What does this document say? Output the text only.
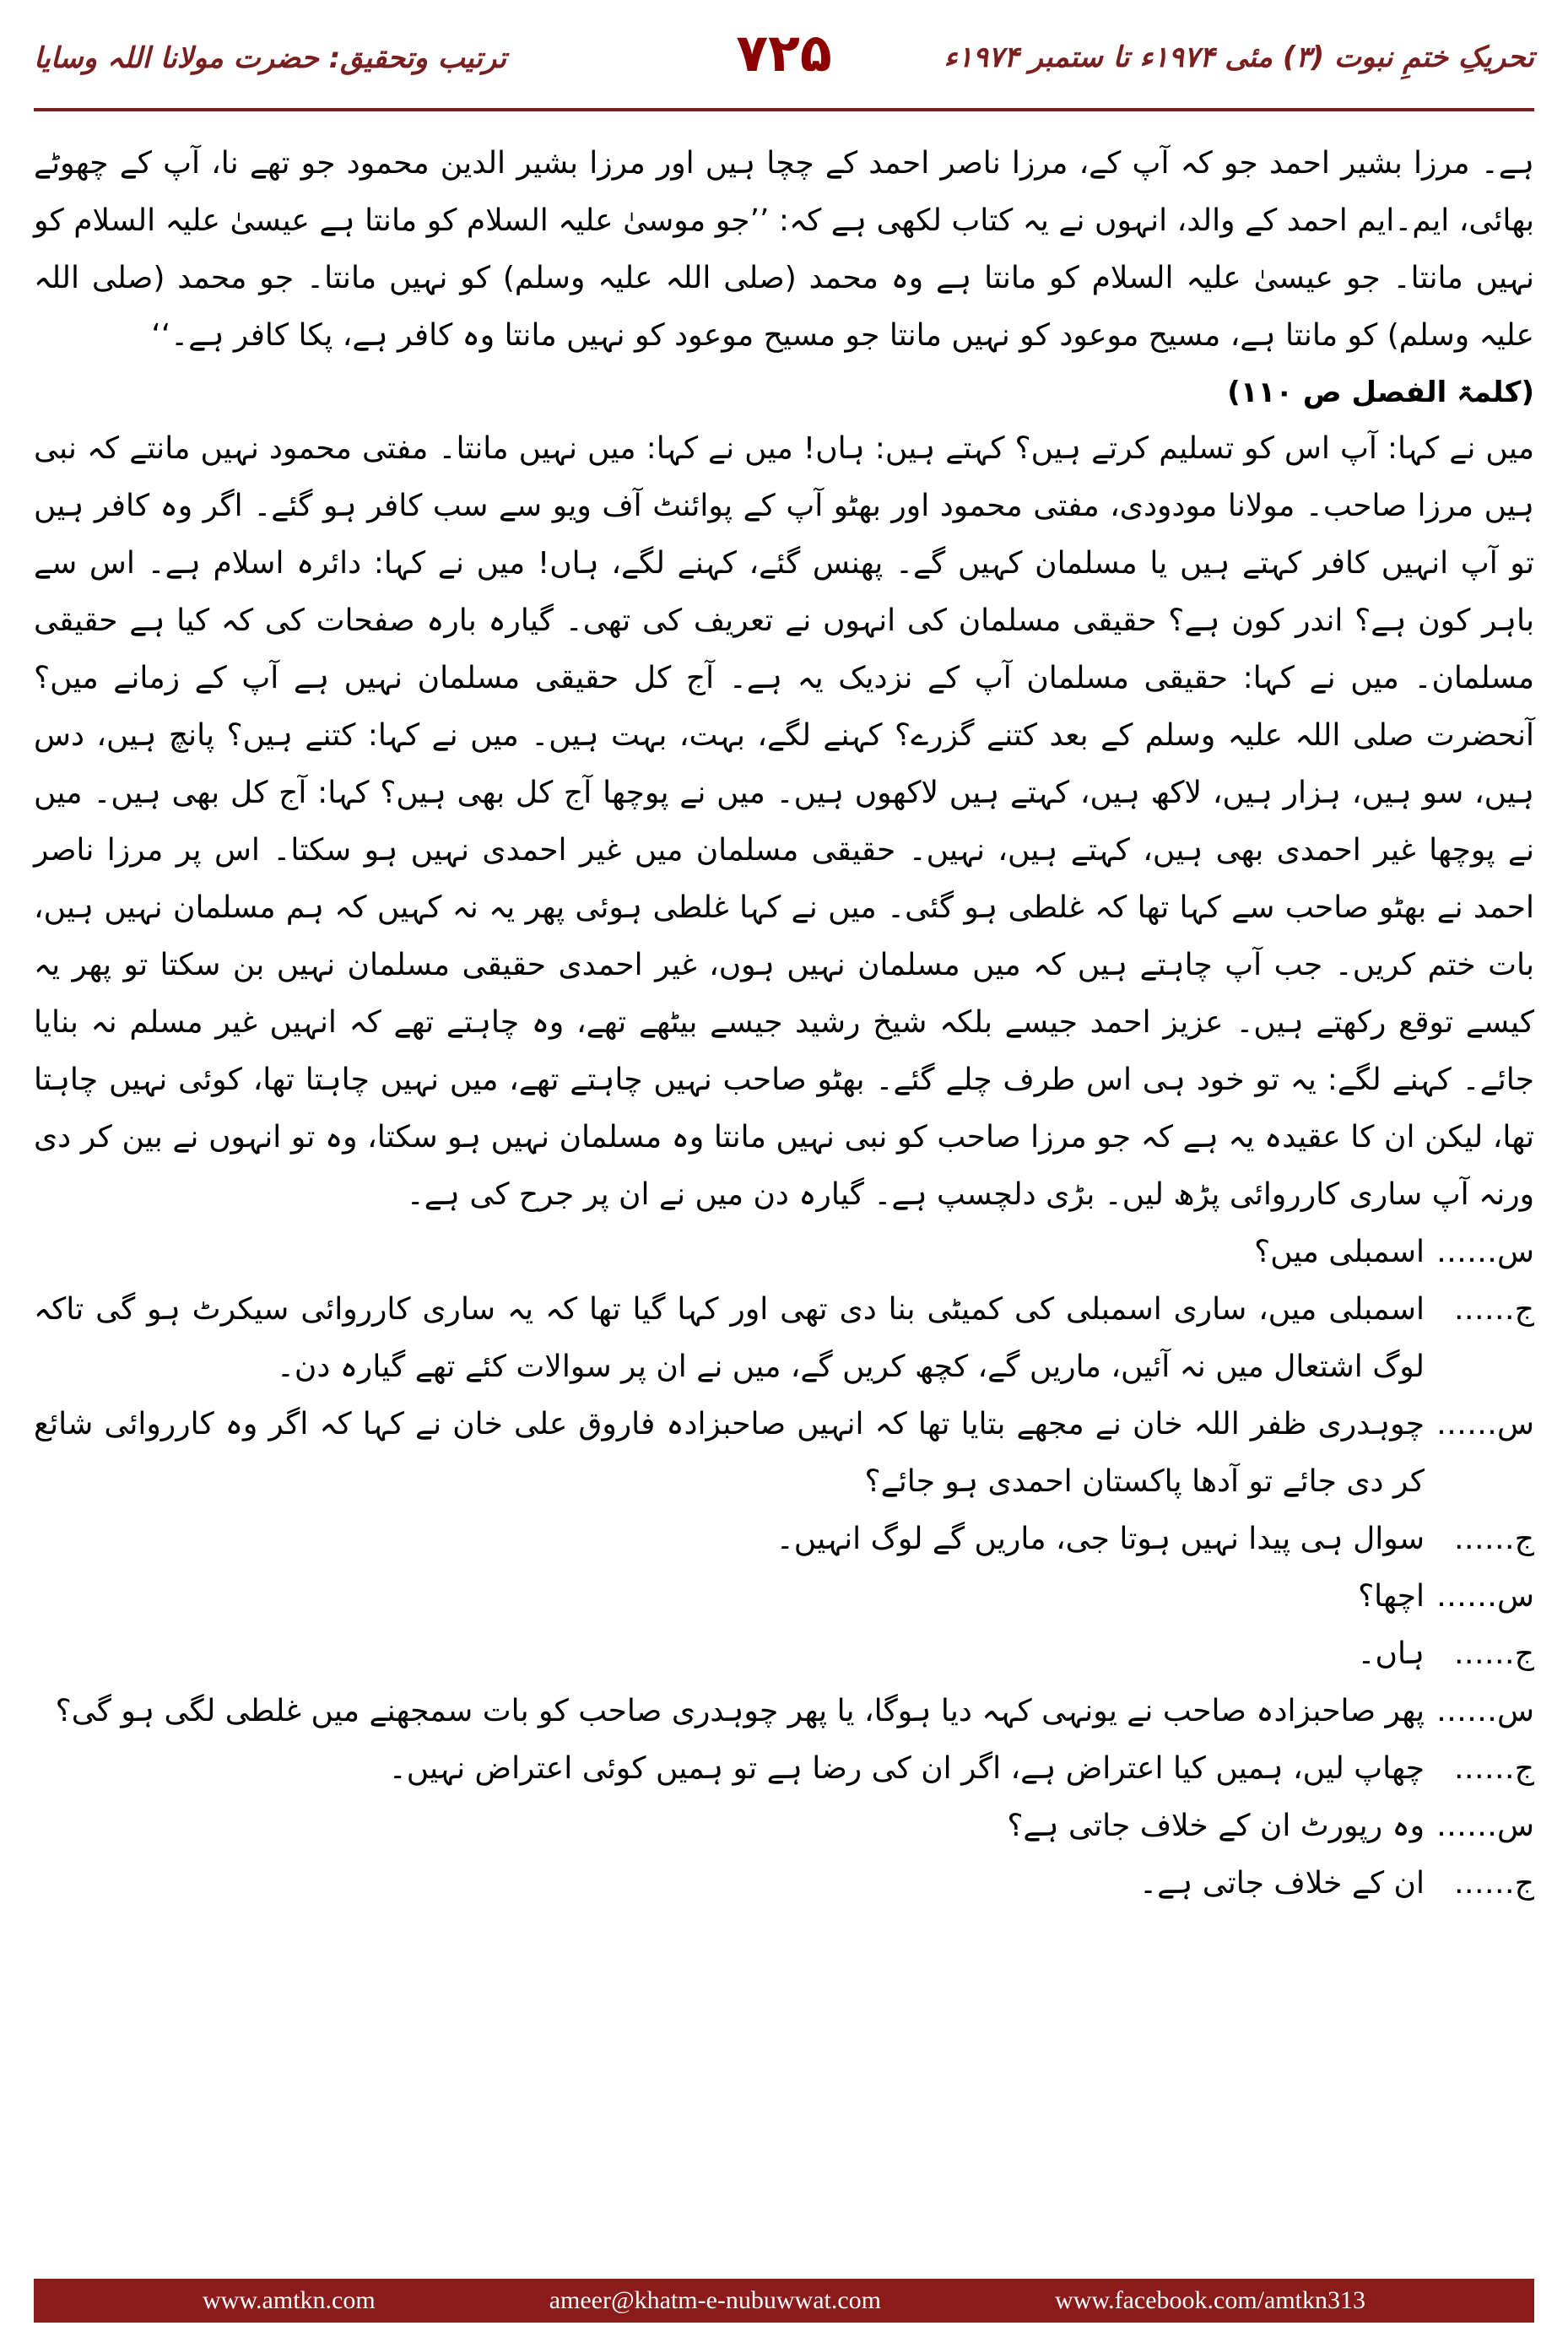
تحریکِ ختمِ نبوت (۳) مئی ۱۹۷۴ء تا ستمبر ۱۹۷۴ء
۷۲۵
ترتیب وتحقیق: حضرت مولانا اللہ وسایا

ہے۔ مرزا بشیر احمد جو کہ آپ کے، مرزا ناصر احمد کے چچا ہیں اور مرزا بشیر الدین محمود جو تھے نا، آپ کے چھوٹے بھائی، ایم۔ایم احمد کے والد، انہوں نے یہ کتاب لکھی ہے کہ: ’’جو موسیٰ علیہ السلام کو مانتا ہے عیسیٰ علیہ السلام کو نہیں مانتا۔ جو عیسیٰ علیہ السلام کو مانتا ہے وہ محمد (صلی اللہ علیہ وسلم) کو نہیں مانتا۔ جو محمد (صلی اللہ علیہ وسلم) کو مانتا ہے، مسیح موعود کو نہیں مانتا جو مسیح موعود کو نہیں مانتا وہ کافر ہے، پکا کافر ہے۔‘‘

(کلمۃ الفصل ص ۱۱۰)

میں نے کہا: آپ اس کو تسلیم کرتے ہیں؟ کہتے ہیں: ہاں! میں نے کہا: میں نہیں مانتا۔ مفتی محمود نہیں مانتے کہ نبی ہیں مرزا صاحب۔ مولانا مودودی، مفتی محمود اور بھٹو آپ کے پوائنٹ آف ویو سے سب کافر ہو گئے۔ اگر وہ کافر ہیں تو آپ انہیں کافر کہتے ہیں یا مسلمان کہیں گے۔ پھنس گئے، کہنے لگے، ہاں! میں نے کہا: دائرہ اسلام ہے۔ اس سے باہر کون ہے؟ اندر کون ہے؟ حقیقی مسلمان کی انہوں نے تعریف کی تھی۔ گیارہ بارہ صفحات کی کہ کیا ہے حقیقی مسلمان۔ میں نے کہا: حقیقی مسلمان آپ کے نزدیک یہ ہے۔ آج کل حقیقی مسلمان نہیں ہے آپ کے زمانے میں؟ آنحضرت صلی اللہ علیہ وسلم کے بعد کتنے گزرے؟ کہنے لگے، بہت، بہت ہیں۔ میں نے کہا: کتنے ہیں؟ پانچ ہیں، دس ہیں، سو ہیں، ہزار ہیں، لاکھ ہیں، کہتے ہیں لاکھوں ہیں۔ میں نے پوچھا آج کل بھی ہیں؟ کہا: آج کل بھی ہیں۔ میں نے پوچھا غیر احمدی بھی ہیں، کہتے ہیں، نہیں۔ حقیقی مسلمان میں غیر احمدی نہیں ہو سکتا۔ اس پر مرزا ناصر احمد نے بھٹو صاحب سے کہا تھا کہ غلطی ہو گئی۔ میں نے کہا غلطی ہوئی پھر یہ نہ کہیں کہ ہم مسلمان نہیں ہیں، بات ختم کریں۔ جب آپ چاہتے ہیں کہ میں مسلمان نہیں ہوں، غیر احمدی حقیقی مسلمان نہیں بن سکتا تو پھر یہ کیسے توقع رکھتے ہیں۔ عزیز احمد جیسے بلکہ شیخ رشید جیسے بیٹھے تھے، وہ چاہتے تھے کہ انہیں غیر مسلم نہ بنایا جائے۔ کہنے لگے: یہ تو خود ہی اس طرف چلے گئے۔ بھٹو صاحب نہیں چاہتے تھے، میں نہیں چاہتا تھا، کوئی نہیں چاہتا تھا، لیکن ان کا عقیدہ یہ ہے کہ جو مرزا صاحب کو نبی نہیں مانتا وہ مسلمان نہیں ہو سکتا، وہ تو انہوں نے بین کر دی ورنہ آپ ساری کارروائی پڑھ لیں۔ بڑی دلچسپ ہے۔ گیارہ دن میں نے ان پر جرح کی ہے۔

س……
اسمبلی میں؟
ج……
اسمبلی میں، ساری اسمبلی کی کمیٹی بنا دی تھی اور کہا گیا تھا کہ یہ ساری کارروائی سیکرٹ ہو گی تاکہ لوگ اشتعال میں نہ آئیں، ماریں گے، کچھ کریں گے، میں نے ان پر سوالات کئے تھے گیارہ دن۔
س……
چوہدری ظفر اللہ خان نے مجھے بتایا تھا کہ انہیں صاحبزادہ فاروق علی خان نے کہا کہ اگر وہ کارروائی شائع کر دی جائے تو آدھا پاکستان احمدی ہو جائے؟
ج……
سوال ہی پیدا نہیں ہوتا جی، ماریں گے لوگ انہیں۔
س……
اچھا؟
ج……
ہاں۔
س……
پھر صاحبزادہ صاحب نے یونہی کہہ دیا ہوگا، یا پھر چوہدری صاحب کو بات سمجھنے میں غلطی لگی ہو گی؟
ج……
چھاپ لیں، ہمیں کیا اعتراض ہے، اگر ان کی رضا ہے تو ہمیں کوئی اعتراض نہیں۔
س……
وہ رپورٹ ان کے خلاف جاتی ہے؟
ج……
ان کے خلاف جاتی ہے۔
www.amtkn.com	ameer@khatm-e-nubuwwat.com	www.facebook.com/amtkn313
